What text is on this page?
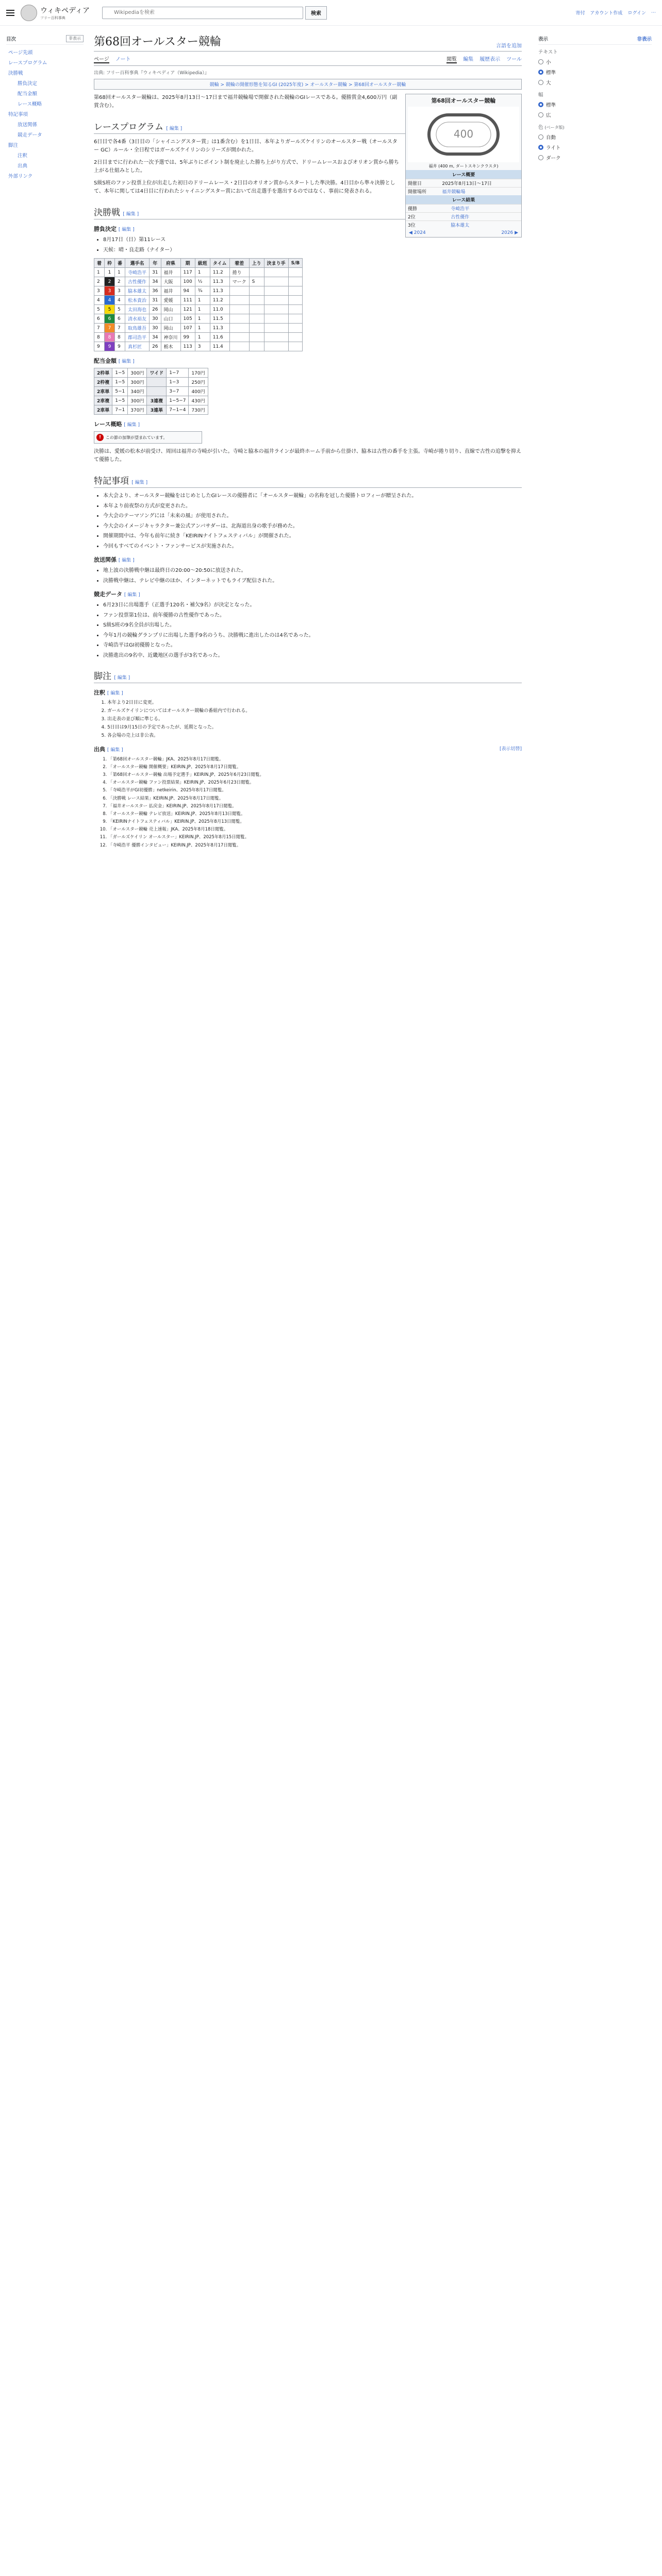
ウィキペディア
フリー百科事典
Wikipediaを検索
検索	寄付 アカウント作成 ログイン ⋯
目次	非表示
ページ先頭
レースプログラム
決勝戦
勝負決定
配当金額
レース概略
特記事項
放送関係
競走データ
脚注
注釈
出典
外部リンク
第68回オールスター競輪	言語を追加
ページ ノート	閲覧 編集 履歴表示 ツール
出典: フリー百科事典『ウィキペディア（Wikipedia）』
競輪 > 競輪の開催形態を知るGI (2025年度) > オールスター競輪 > 第68回オールスター競輪
第68回オールスター競輪
400
福井 (400 m, ダートスキンクラスタ)
レース概要
開催日	2025年8月13日〜17日
開催場所	福井競輪場
レース結果
優勝	寺崎浩平
2位	古性優作
3位	脇本雄太
◀ 2024	2026 ▶

第68回オールスター競輪は、2025年8月13日〜17日まで福井競輪場で開催された競輪のGIレースである。優勝賞金4,600万円（副賞含む）。

レースプログラム [ 編集 ]

6日目で各4番（3日目の「シャイニングスター賞」は1番含む）を1日目、本年よりガールズケイリンのオールスター戦（オールスター GC）ルール・全日程ではガールズケイリンのシリーズが開かれた。

2日目までに行われた一次予選では、5年ぶりにポイント制を廃止した勝ち上がり方式で、ドリームレースおよびオリオン賞から勝ち上がる仕組みとした。

S級S班のファン投票上位が出走した初日のドリームレース・2日目のオリオン賞からスタートした準決勝。4日目から準々決勝として、本年に関しては4日目に行われたシャイニングスター賞において出走選手を選出するのではなく、事前に発表される。

決勝戦 [ 編集 ]
勝負決定 [ 編集 ]
• 8月17日（日）第11レース
• 天候：晴・良走路（ナイター）
着	枠	番	選手名	年	府県	期	級班	タイム	着差	上り	決まり手	S/B
1	1	1	寺崎浩平	31	福井	117	1	11.2	捲り			
2	2	2	古性優作	34	大阪	100	½	11.3	マーク	S		
3	3	3	脇本雄太	36	福井	94	¾	11.3				
4	4	4	松本貴治	31	愛媛	111	1	11.2				
5	5	5	太田海也	26	岡山	121	1	11.0				
6	6	6	清水裕友	30	山口	105	1	11.5				
7	7	7	取鳥雄吾	30	岡山	107	1	11.3				
8	8	8	郡司浩平	34	神奈川	99	1	11.6				
9	9	9	真杉匠	26	栃木	113	3	11.4				
配当金額 [ 編集 ]
2枠単	1−5	300円	ワイド	1−7	170円
2枠複	1−5	300円		1−3	250円
2車単	5−1	340円		3−7	400円
2車複	1−5	300円	3連複	1−5−7	430円
2車単	7−1	370円	3連単	7−1−4	730円
レース概略 [ 編集 ]
!	この節の加筆が望まれています。

決勝は、愛媛の松本が前受け、周回は福井の寺崎が引いた。寺崎と脇本の福井ラインが最終ホーム手前から仕掛け、脇本は古性の番手を主張。寺崎が捲り切り、直線で古性の追撃を抑えて優勝した。

特記事項 [ 編集 ]
• 本大会より、オールスター競輪をはじめとしたGIレースの優勝者に「オールスター競輪」の名称を冠した優勝トロフィーが贈呈された。
• 本年より前夜祭の方式が変更された。
• 今大会のテーマソングには「未来の風」が使用された。
• 今大会のイメージキャラクター兼公式アンバサダーは、北海道出身の歌手が務めた。
• 開催期間中は、今年も前年に続き「KEIRINナイトフェスティバル」が開催された。
• 今回もすべてのイベント・ファンサービスが実施された。
放送関係 [ 編集 ]
• 地上波の決勝戦中継は最終日の20:00〜20:50に放送された。
• 決勝戦中継は、テレビ中継のほか、インターネットでもライブ配信された。
競走データ [ 編集 ]
• 6月23日に出場選手（正選手120名・補欠9名）が決定となった。
• ファン投票第1位は、前年優勝の古性優作であった。
• S級S班の9名全員が出場した。
• 今年1月の競輪グランプリに出場した選手9名のうち、決勝戦に進出したのは4名であった。
• 寺崎浩平はGI初優勝となった。
• 決勝進出の9名中、近畿地区の選手が3名であった。
脚注 [ 編集 ]
注釈 [ 編集 ]
1. 本年より2日目に変更。
2. ガールズケイリンについてはオールスター競輪の番組内で行われる。
3. 出走表の並び順に準じる。
4. 5日目は9月15日の予定であったが、延期となった。
5. 各会場の売上は非公表。
出典 [ 編集 ]	[表示切替]
1. 「第68回オールスター競輪」JKA、2025年8月17日閲覧。
2. 「オールスター競輪 開催概要」KEIRIN.JP、2025年8月17日閲覧。
3. 「第68回オールスター競輪 出場予定選手」KEIRIN.JP、2025年6月23日閲覧。
4. 「オールスター競輪 ファン投票結果」KEIRIN.JP、2025年6月23日閲覧。
5. 「寺崎浩平がGI初優勝」netkeirin、2025年8月17日閲覧。
6. 「決勝戦 レース結果」KEIRIN.JP、2025年8月17日閲覧。
7. 「福井オールスター 払戻金」KEIRIN.JP、2025年8月17日閲覧。
8. 「オールスター競輪 テレビ放送」KEIRIN.JP、2025年8月13日閲覧。
9. 「KEIRINナイトフェスティバル」KEIRIN.JP、2025年8月13日閲覧。
10. 「オールスター競輪 売上速報」JKA、2025年8月18日閲覧。
11. 「ガールズケイリン オールスター」KEIRIN.JP、2025年8月15日閲覧。
12. 「寺崎浩平 優勝インタビュー」KEIRIN.JP、2025年8月17日閲覧。
表示	非表示
テキスト
小
標準
大
幅
標準
広
色 (ベータ版)
自動
ライト
ダーク
